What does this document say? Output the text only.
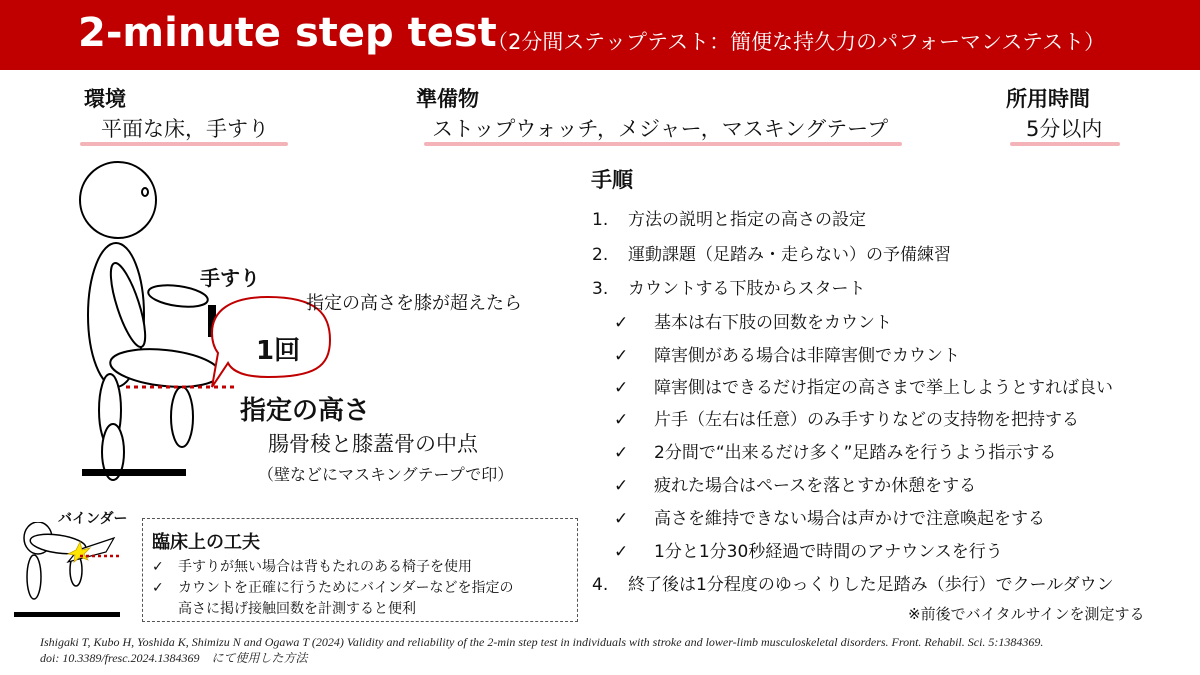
2-minute step test
（2分間ステップテスト：簡便な持久力のパフォーマンステスト）
環境
平面な床，手すり
準備物
ストップウォッチ，メジャー，マスキングテープ
所用時間
5分以内
手すり
指定の高さを膝が超えたら
1回
指定の高さ
腸骨稜と膝蓋骨の中点
（壁などにマスキングテープで印）
バインダー
臨床上の工夫
✓ 手すりが無い場合は背もたれのある椅子を使用
✓ カウントを正確に行うためにバインダーなどを指定の
高さに掲げ接触回数を計測すると便利
手順
1. 方法の説明と指定の高さの設定
2. 運動課題（足踏み・走らない）の予備練習
3. カウントする下肢からスタート
✓ 基本は右下肢の回数をカウント
✓ 障害側がある場合は非障害側でカウント
✓ 障害側はできるだけ指定の高さまで挙上しようとすれば良い
✓ 片手（左右は任意）のみ手すりなどの支持物を把持する
✓ 2分間で“出来るだけ多く”足踏みを行うよう指示する
✓ 疲れた場合はペースを落とすか休憩をする
✓ 高さを維持できない場合は声かけで注意喚起をする
✓ 1分と1分30秒経過で時間のアナウンスを行う
4. 終了後は1分程度のゆっくりした足踏み（歩行）でクールダウン
※前後でバイタルサインを測定する
Ishigaki T, Kubo H, Yoshida K, Shimizu N and Ogawa T (2024) Validity and reliability of the 2-min step test in individuals with stroke and lower-limb musculoskeletal disorders. Front. Rehabil. Sci. 5:1384369.
doi: 10.3389/fresc.2024.1384369　にて使用した方法
